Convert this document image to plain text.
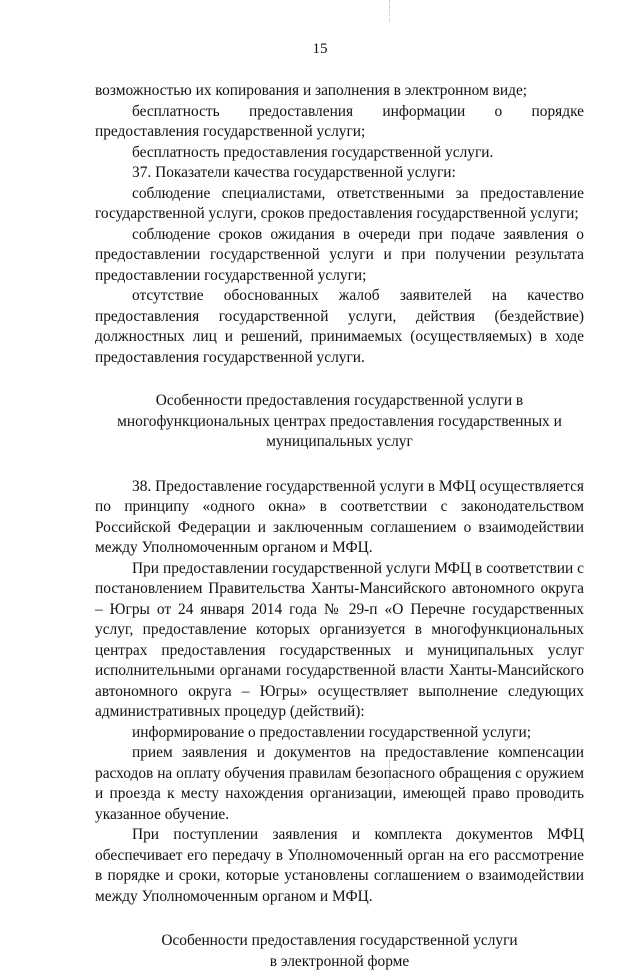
15

возможностью их копирования и заполнения в электронном виде;

бесплатность предоставления информации о порядке предоставления государственной услуги;

бесплатность предоставления государственной услуги.

37. Показатели качества государственной услуги:

соблюдение специалистами, ответственными за предоставление государственной услуги, сроков предоставления государственной услуги;

соблюдение сроков ожидания в очереди при подаче заявления о предоставлении государственной услуги и при получении результата предоставлении государственной услуги;

отсутствие обоснованных жалоб заявителей на качество предоставления государственной услуги, действия (бездействие) должностных лиц и решений, принимаемых (осуществляемых) в ходе предоставления государственной услуги.

Особенности предоставления государственной услуги в
многофункциональных центрах предоставления государственных и
муниципальных услуг

38. Предоставление государственной услуги в МФЦ осуществляется по принципу «одного окна» в соответствии с законодательством Российской Федерации и заключенным соглашением о взаимодействии между Уполномоченным органом и МФЦ.

При предоставлении государственной услуги МФЦ в соответствии с постановлением Правительства Ханты-Мансийского автономного округа – Югры от 24 января 2014 года № 29-п «О Перечне государственных услуг, предоставление которых организуется в многофункциональных центрах предоставления государственных и муниципальных услуг исполнительными органами государственной власти Ханты-Мансийского автономного округа – Югры» осуществляет выполнение следующих административных процедур (действий):

информирование о предоставлении государственной услуги;

прием заявления и документов на предоставление компенсации расходов на оплату обучения правилам безопасного обращения с оружием и проезда к месту нахождения организации, имеющей право проводить указанное обучение.

При поступлении заявления и комплекта документов МФЦ обеспечивает его передачу в Уполномоченный орган на его рассмотрение в порядке и сроки, которые установлены соглашением о взаимодействии между Уполномоченным органом и МФЦ.

Особенности предоставления государственной услуги
в электронной форме
